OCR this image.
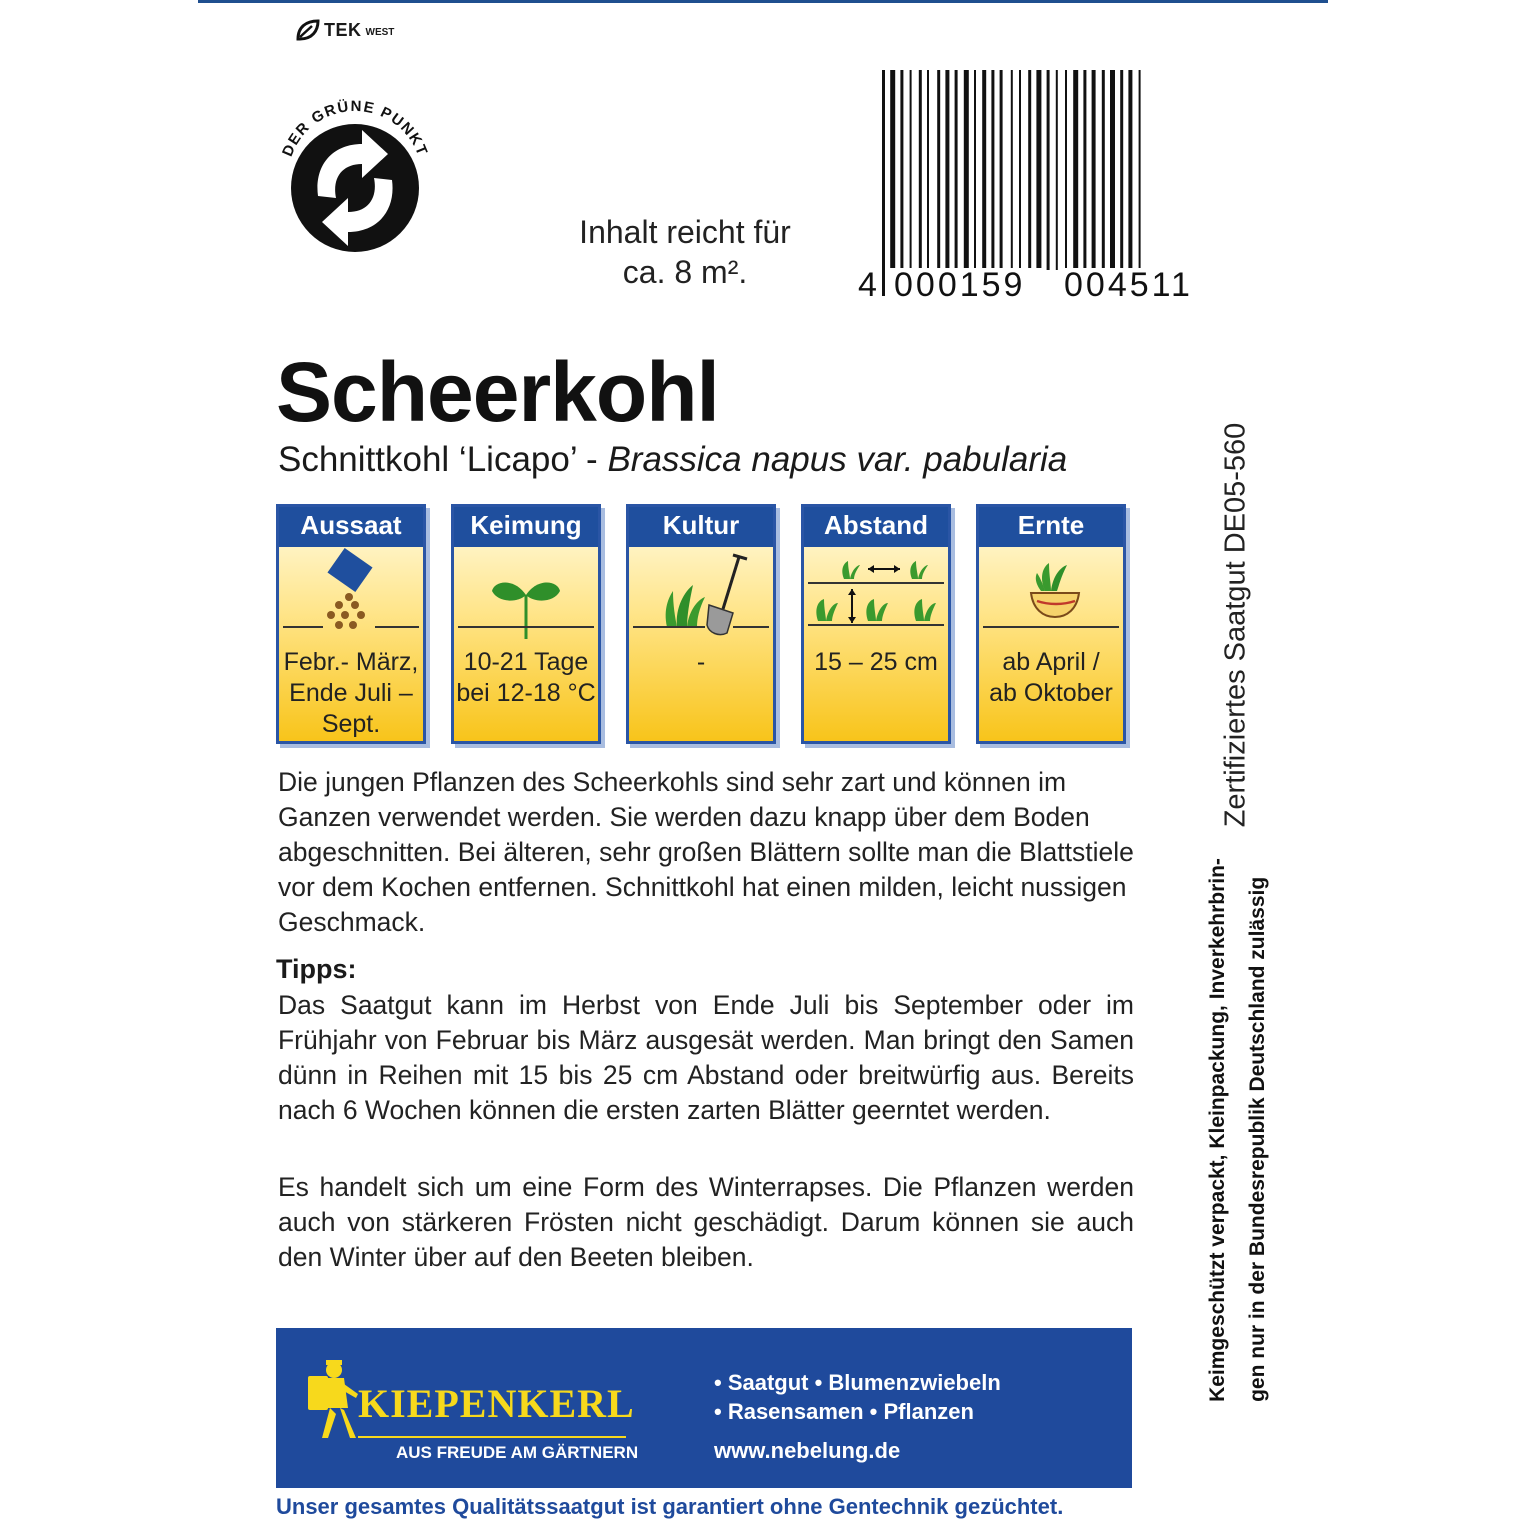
TEK WEST
DER GRÜNE PUNKT
Inhalt reicht für
ca. 8 m².	4 000159 004511
Scheerkohl
Schnittkohl ‘Licapo’ - Brassica napus var. pabularia
Aussaat
Febr.- März,
Ende Juli –
Sept.
Keimung
10-21 Tage
bei 12-18 °C
Kultur
-
Abstand
15 – 25 cm
Ernte
ab April /
ab Oktober
Die jungen Pflanzen des Scheerkohls sind sehr zart und können im Ganzen verwendet werden. Sie werden dazu knapp über dem Boden abgeschnitten. Bei älteren, sehr großen Blättern sollte man die Blattstiele vor dem Kochen entfernen. Schnittkohl hat einen milden, leicht nussigen Geschmack.
Tipps:
Das Saatgut kann im Herbst von Ende Juli bis September oder im Frühjahr von Februar bis März ausgesät werden. Man bringt den Samen dünn in Reihen mit 15 bis 25 cm Abstand oder breitwürfig aus. Bereits nach 6 Wochen können die ersten zarten Blätter geerntet werden.
Es handelt sich um eine Form des Winterrapses. Die Pflanzen werden auch von stärkeren Frösten nicht geschädigt. Darum können sie auch den Winter über auf den Beeten bleiben.
Zertifiziertes Saatgut DE05-560
Keimgeschützt verpackt, Kleinpackung, Inverkehrbrin- gen nur in der Bundesrepublik Deutschland zulässig
KIEPENKERL
AUS FREUDE AM GÄRTNERN
• Saatgut • Blumenzwiebeln
• Rasensamen • Pflanzen
www.nebelung.de
Unser gesamtes Qualitätssaatgut ist garantiert ohne Gentechnik gezüchtet.
